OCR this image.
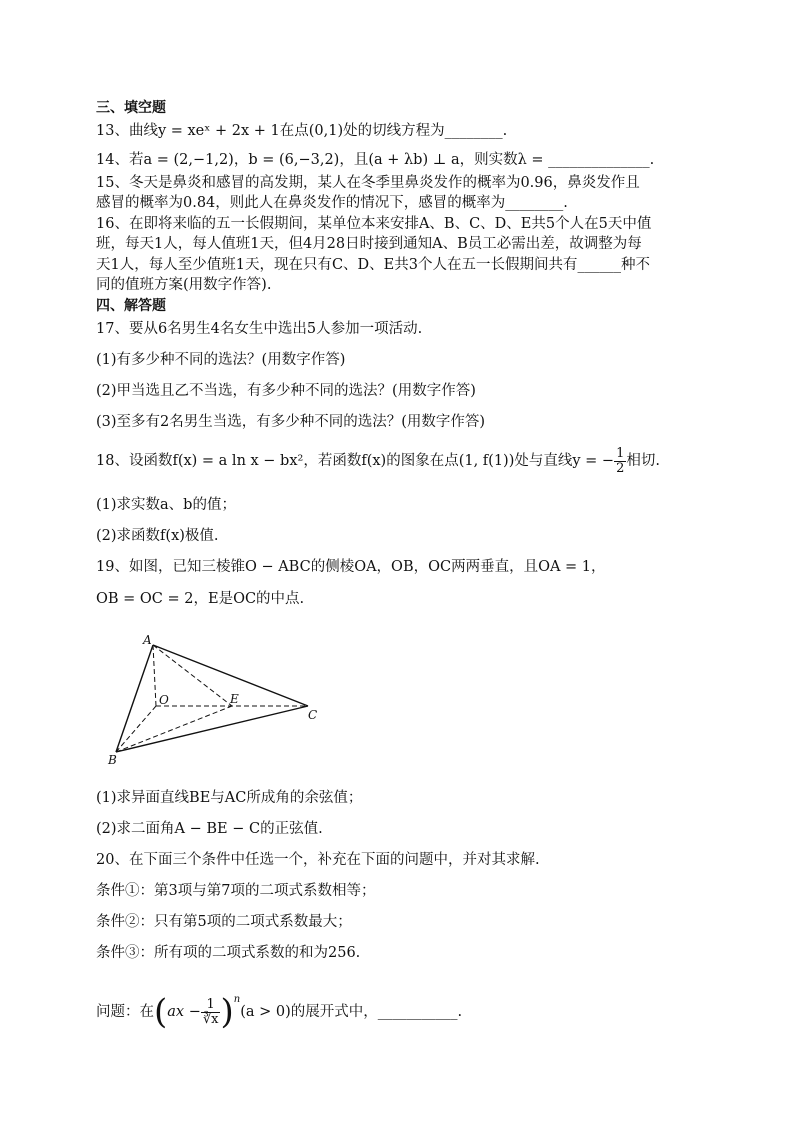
三、填空题
13、曲线y = xeˣ + 2x + 1在点(0,1)处的切线方程为________.
14、若a = (2,−1,2)，b = (6,−3,2)，且(a + λb) ⊥ a，则实数λ = ______________.
15、冬天是鼻炎和感冒的高发期，某人在冬季里鼻炎发作的概率为0.96，鼻炎发作且
感冒的概率为0.84，则此人在鼻炎发作的情况下，感冒的概率为________.
16、在即将来临的五一长假期间，某单位本来安排A、B、C、D、E共5个人在5天中值
班，每天1人，每人值班1天，但4月28日时接到通知A、B员工必需出差，故调整为每
天1人，每人至少值班1天，现在只有C、D、E共3个人在五一长假期间共有______种不
同的值班方案(用数字作答).
四、解答题
17、要从6名男生4名女生中选出5人参加一项活动.
(1)有多少种不同的选法？(用数字作答)
(2)甲当选且乙不当选，有多少种不同的选法？(用数字作答)
(3)至多有2名男生当选，有多少种不同的选法？(用数字作答)
18、设函数f(x) = a ln x − bx²，若函数f(x)的图象在点(1, f(1))处与直线y = − $\frac{1}{2}$ 相切.
(1)求实数a、b的值；
(2)求函数f(x)极值.
19、如图，已知三棱锥O − ABC的侧棱OA，OB，OC两两垂直，且OA = 1，
OB = OC = 2，E是OC的中点.
A
O	E
C
B
(1)求异面直线BE与AC所成角的余弦值；
(2)求二面角A − BE − C的正弦值.
20、在下面三个条件中任选一个，补充在下面的问题中，并对其求解.
条件①：第3项与第7项的二项式系数相等；
条件②：只有第5项的二项式系数最大；
条件③：所有项的二项式系数的和为256.
问题：在$(ax - \frac{1}{∛x} )^n(a > 0)$的展开式中，___________.
